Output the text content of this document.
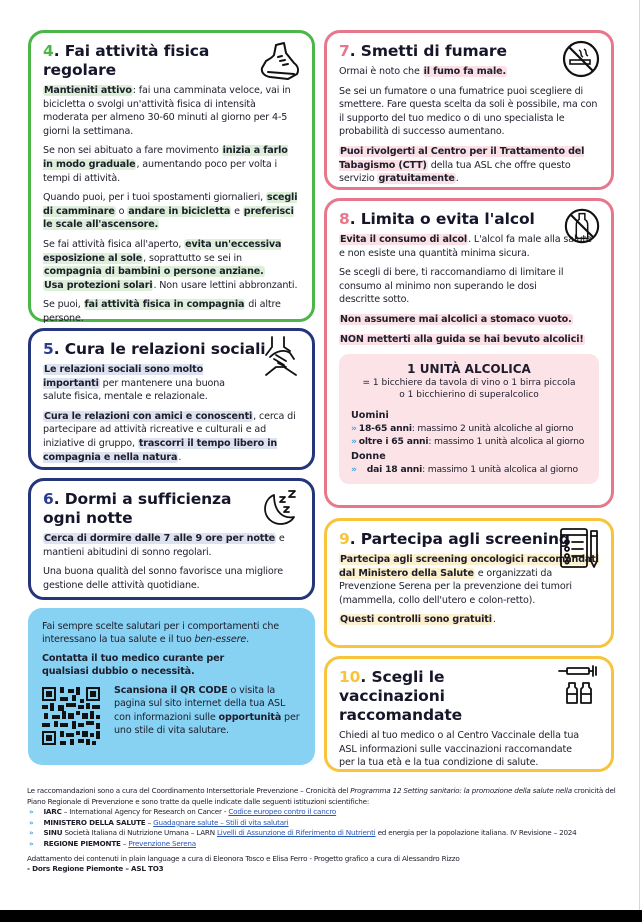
4. Fai attività fisica regolare

Mantieniti attivo: fai una camminata veloce, vai in bicicletta o svolgi un'attività fisica di intensità moderata per almeno 30-60 minuti al giorno per 4-5 giorni la settimana.

Se non sei abituato a fare movimento inizia a farlo in modo graduale, aumentando poco per volta i tempi di attività.

Quando puoi, per i tuoi spostamenti giornalieri, scegli di camminare o andare in bicicletta e preferisci le scale all'ascensore.

Se fai attività fisica all'aperto, evita un'eccessiva esposizione al sole, soprattutto se sei in compagnia di bambini o persone anziane.
Usa protezioni solari. Non usare lettini abbronzanti.

Se puoi, fai attività fisica in compagnia di altre persone.

5. Cura le relazioni sociali

Le relazioni sociali sono molto importanti per mantenere una buona salute fisica, mentale e relazionale.

Cura le relazioni con amici e conoscenti, cerca di partecipare ad attività ricreative e culturali e ad iniziative di gruppo, trascorri il tempo libero in compagnia e nella natura.

6. Dormi a sufficienza ogni notte

Cerca di dormire dalle 7 alle 9 ore per notte e mantieni abitudini di sonno regolari.

Una buona qualità del sonno favorisce una migliore gestione delle attività quotidiane.

Fai sempre scelte salutari per i comportamenti che interessano la tua salute e il tuo ben-essere.

Contatta il tuo medico curante per qualsiasi dubbio o necessità.

Scansiona il QR CODE o visita la pagina sul sito internet della tua ASL con informazioni sulle opportunità per uno stile di vita salutare.
7. Smetti di fumare

Ormai è noto che il fumo fa male.

Se sei un fumatore o una fumatrice puoi scegliere di smettere. Fare questa scelta da soli è possibile, ma con il supporto del tuo medico o di uno specialista le probabilità di successo aumentano.

Puoi rivolgerti al Centro per il Trattamento del Tabagismo (CTT) della tua ASL che offre questo servizio gratuitamente.

8. Limita o evita l'alcol

Evita il consumo di alcol. L'alcol fa male alla salute e non esiste una quantità minima sicura.

Se scegli di bere, ti raccomandiamo di limitare il consumo al minimo non superando le dosi descritte sotto.

Non assumere mai alcolici a stomaco vuoto.

NON metterti alla guida se hai bevuto alcolici!

1 UNITÀ ALCOLICA
= 1 bicchiere da tavola di vino o 1 birra piccola
o 1 bicchierino di superalcolico
Uomini
» 18-65 anni: massimo 2 unità alcoliche al giorno
» oltre i 65 anni: massimo 1 unità alcolica al giorno
Donne
» dai 18 anni: massimo 1 unità alcolica al giorno
9. Partecipa agli screening

Partecipa agli screening oncologici raccomandati dal Ministero della Salute e organizzati da Prevenzione Serena per la prevenzione dei tumori (mammella, collo dell'utero e colon-retto).

Questi controlli sono gratuiti.

10. Scegli le vaccinazioni raccomandate

Chiedi al tuo medico o al Centro Vaccinale della tua ASL informazioni sulle vaccinazioni raccomandate per la tua età e la tua condizione di salute.

Le raccomandazioni sono a cura del Coordinamento Intersettoriale Prevenzione – Cronicità del Programma 12 Setting sanitario: la promozione della salute nella cronicità del Piano Regionale di Prevenzione e sono tratte da quelle indicate dalle seguenti istituzioni scientifiche:
» IARC – International Agency for Research on Cancer - Codice europeo contro il cancro
» MINISTERO DELLA SALUTE – Guadagnare salute – Stili di vita salutari
» SINU Società Italiana di Nutrizione Umana – LARN Livelli di Assunzione di Riferimento di Nutrienti ed energia per la popolazione italiana. IV Revisione – 2024
» REGIONE PIEMONTE – Prevenzione Serena
Adattamento dei contenuti in plain language a cura di Eleonora Tosco e Elisa Ferro - Progetto grafico a cura di Alessandro Rizzo
- Dors Regione Piemonte – ASL TO3
